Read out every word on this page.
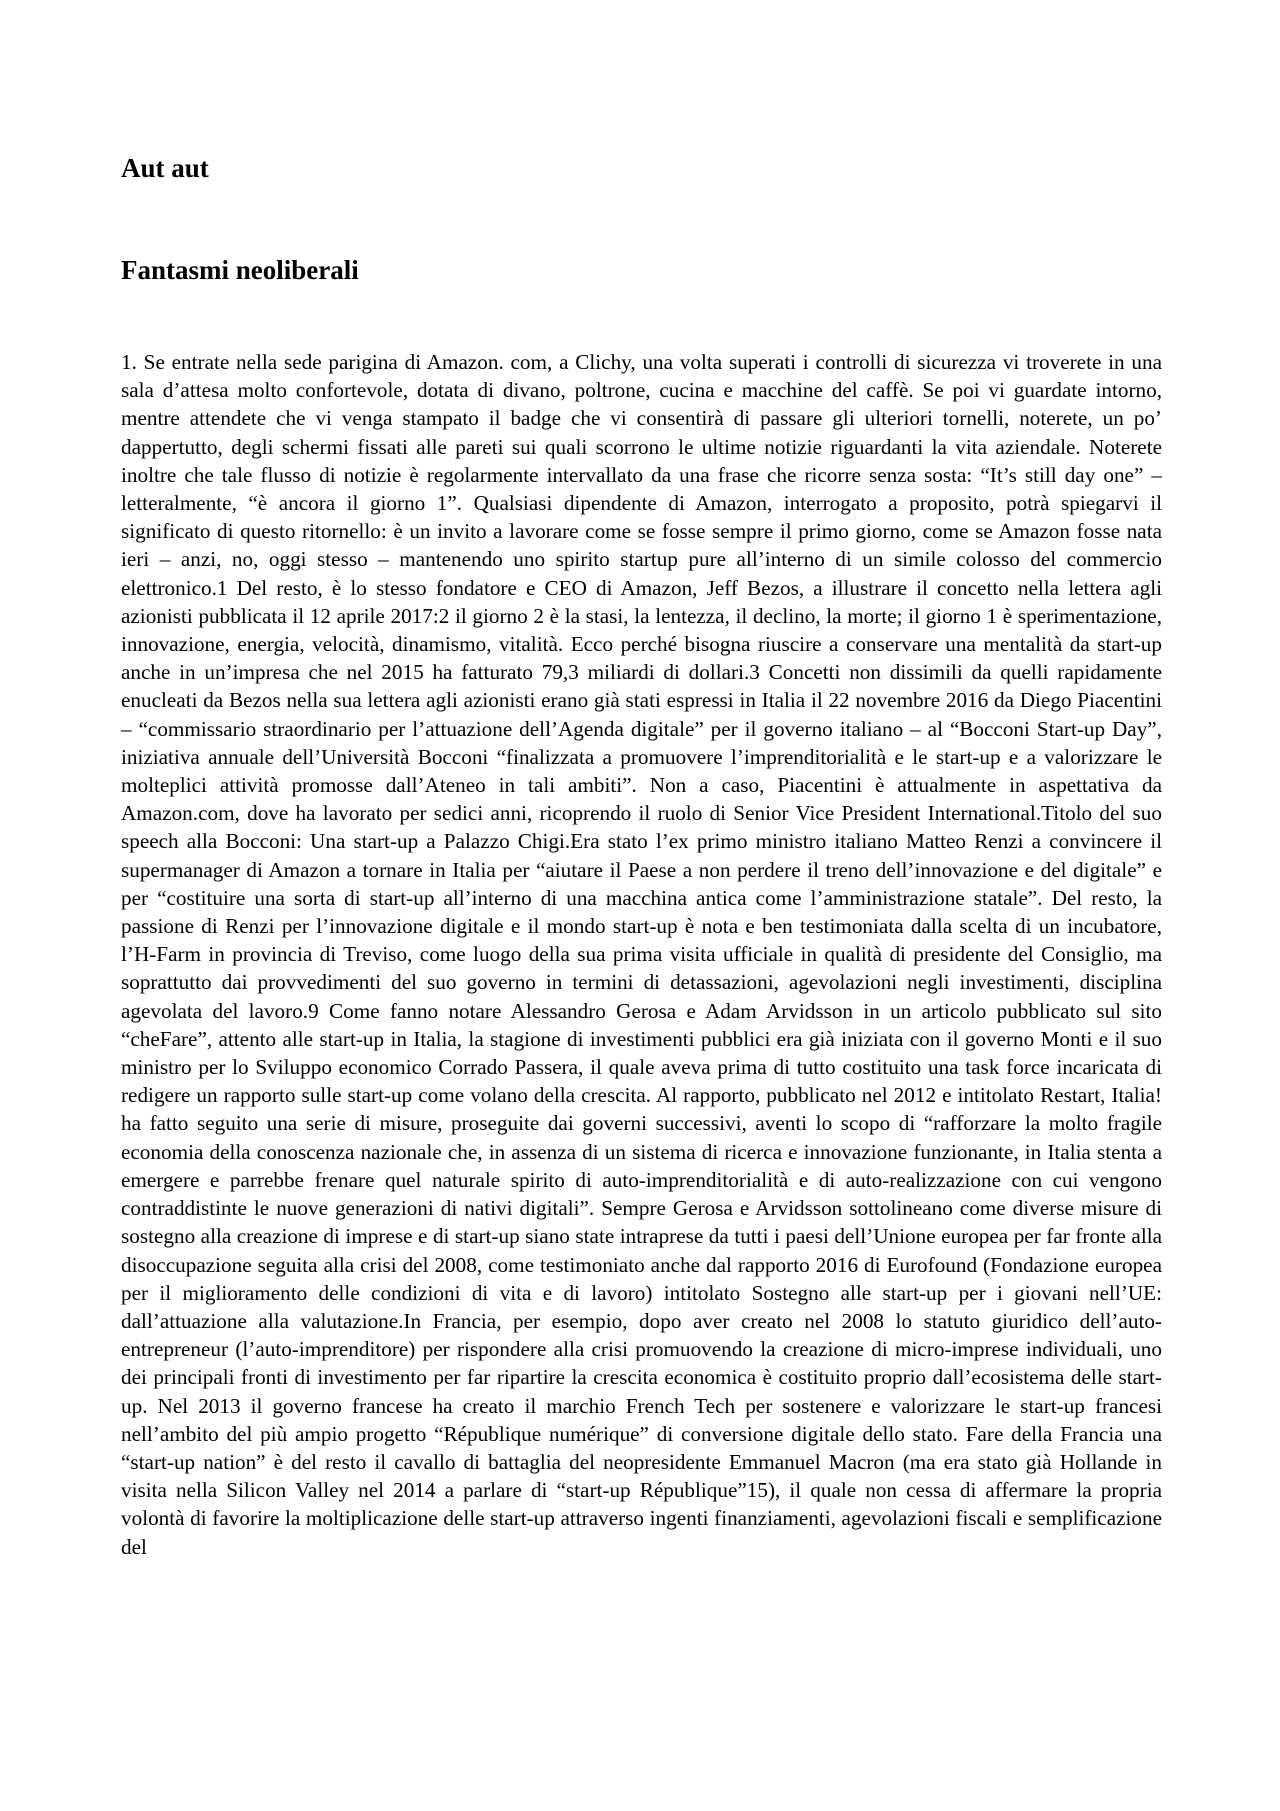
Aut aut
Fantasmi neoliberali

1. Se entrate nella sede parigina di Amazon. com, a Clichy, una volta superati i controlli di sicurezza vi troverete in una sala d’attesa molto confortevole, dotata di divano, poltrone, cucina e macchine del caffè. Se poi vi guardate intorno, mentre attendete che vi venga stampato il badge che vi consentirà di passare gli ulteriori tornelli, noterete, un po’ dappertutto, degli schermi fissati alle pareti sui quali scorrono le ultime notizie riguardanti la vita aziendale. Noterete inoltre che tale flusso di notizie è regolarmente intervallato da una frase che ricorre senza sosta: “It’s still day one” – letteralmente, “è ancora il giorno 1”. Qualsiasi dipendente di Amazon, interrogato a proposito, potrà spiegarvi il significato di questo ritornello: è un invito a lavorare come se fosse sempre il primo giorno, come se Amazon fosse nata ieri – anzi, no, oggi stesso – mantenendo uno spirito startup pure all’interno di un simile colosso del commercio elettronico.1 Del resto, è lo stesso fondatore e CEO di Amazon, Jeff Bezos, a illustrare il concetto nella lettera agli azionisti pubblicata il 12 aprile 2017:2 il giorno 2 è la stasi, la lentezza, il declino, la morte; il giorno 1 è sperimentazione, innovazione, energia, velocità, dinamismo, vitalità. Ecco perché bisogna riuscire a conservare una mentalità da start-up anche in un’impresa che nel 2015 ha fatturato 79,3 miliardi di dollari.3 Concetti non dissimili da quelli rapidamente enucleati da Bezos nella sua lettera agli azionisti erano già stati espressi in Italia il 22 novembre 2016 da Diego Piacentini – “commissario straordinario per l’attuazione dell’Agenda digitale” per il governo italiano – al “Bocconi Start-up Day”, iniziativa annuale dell’Università Bocconi “finalizzata a promuovere l’imprenditorialità e le start-up e a valorizzare le molteplici attività promosse dall’Ateneo in tali ambiti”. Non a caso, Piacentini è attualmente in aspettativa da Amazon.com, dove ha lavorato per sedici anni, ricoprendo il ruolo di Senior Vice President International.Titolo del suo speech alla Bocconi: Una start-up a Palazzo Chigi.Era stato l’ex primo ministro italiano Matteo Renzi a convincere il supermanager di Amazon a tornare in Italia per “aiutare il Paese a non perdere il treno dell’innovazione e del digitale” e per “costituire una sorta di start-up all’interno di una macchina antica come l’amministrazione statale”. Del resto, la passione di Renzi per l’innovazione digitale e il mondo start-up è nota e ben testimoniata dalla scelta di un incubatore, l’H-Farm in provincia di Treviso, come luogo della sua prima visita ufficiale in qualità di presidente del Consiglio, ma soprattutto dai provvedimenti del suo governo in termini di detassazioni, agevolazioni negli investimenti, disciplina agevolata del lavoro.9 Come fanno notare Alessandro Gerosa e Adam Arvidsson in un articolo pubblicato sul sito “cheFare”, attento alle start-up in Italia, la stagione di investimenti pubblici era già iniziata con il governo Monti e il suo ministro per lo Sviluppo economico Corrado Passera, il quale aveva prima di tutto costituito una task force incaricata di redigere un rapporto sulle start-up come volano della crescita. Al rapporto, pubblicato nel 2012 e intitolato Restart, Italia! ha fatto seguito una serie di misure, proseguite dai governi successivi, aventi lo scopo di “rafforzare la molto fragile economia della conoscenza nazionale che, in assenza di un sistema di ricerca e innovazione funzionante, in Italia stenta a emergere e parrebbe frenare quel naturale spirito di auto-imprenditorialità e di auto-realizzazione con cui vengono contraddistinte le nuove generazioni di nativi digitali”. Sempre Gerosa e Arvidsson sottolineano come diverse misure di sostegno alla creazione di imprese e di start-up siano state intraprese da tutti i paesi dell’Unione europea per far fronte alla disoccupazione seguita alla crisi del 2008, come testimoniato anche dal rapporto 2016 di Eurofound (Fondazione europea per il miglioramento delle condizioni di vita e di lavoro) intitolato Sostegno alle start-up per i giovani nell’UE: dall’attuazione alla valutazione.In Francia, per esempio, dopo aver creato nel 2008 lo statuto giuridico dell’auto-entrepreneur (l’auto-imprenditore) per rispondere alla crisi promuovendo la creazione di micro-imprese individuali, uno dei principali fronti di investimento per far ripartire la crescita economica è costituito proprio dall’ecosistema delle start-up. Nel 2013 il governo francese ha creato il marchio French Tech per sostenere e valorizzare le start-up francesi nell’ambito del più ampio progetto “République numérique” di conversione digitale dello stato. Fare della Francia una “start-up nation” è del resto il cavallo di battaglia del neopresidente Emmanuel Macron (ma era stato già Hollande in visita nella Silicon Valley nel 2014 a parlare di “start-up République”15), il quale non cessa di affermare la propria volontà di favorire la moltiplicazione delle start-up attraverso ingenti finanziamenti, agevolazioni fiscali e semplificazione del
